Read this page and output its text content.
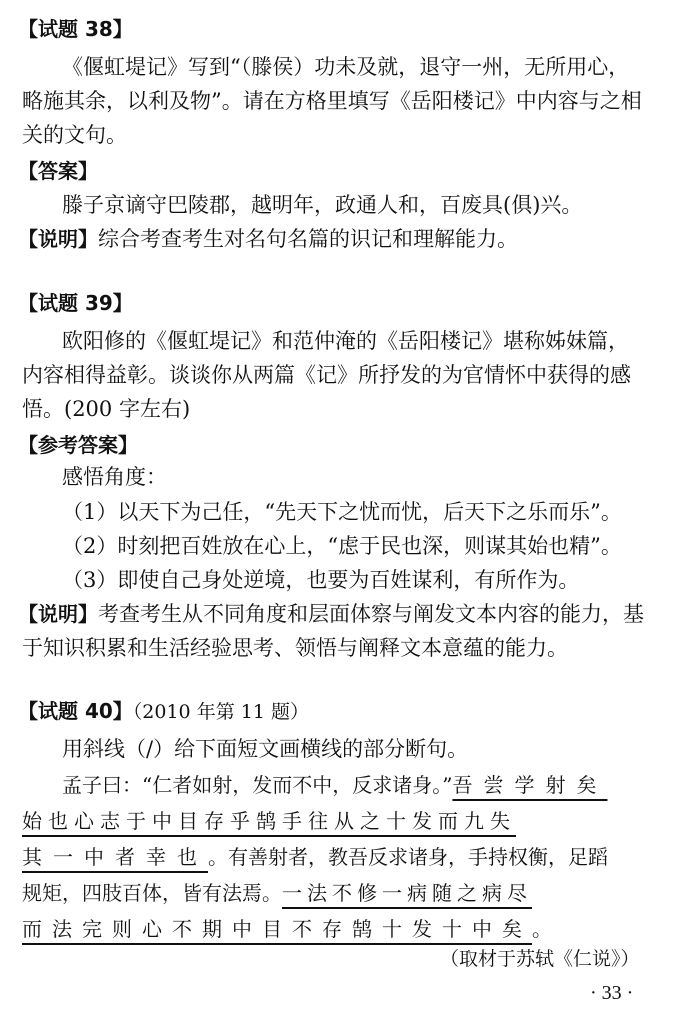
【试题 38】
《偃虹堤记》写到“（滕侯）功未及就，退守一州，无所用心，
略施其余，以利及物”。请在方格里填写《岳阳楼记》中内容与之相
关的文句。
【答案】
滕子京谪守巴陵郡，越明年，政通人和，百废具(俱)兴。
【说明】综合考查考生对名句名篇的识记和理解能力。
【试题 39】
欧阳修的《偃虹堤记》和范仲淹的《岳阳楼记》堪称姊妹篇，
内容相得益彰。谈谈你从两篇《记》所抒发的为官情怀中获得的感
悟。(200 字左右)
【参考答案】
感悟角度：
（1）以天下为己任，“先天下之忧而忧，后天下之乐而乐”。
（2）时刻把百姓放在心上，“虑于民也深，则谋其始也精”。
（3）即使自己身处逆境，也要为百姓谋利，有所作为。
【说明】考查考生从不同角度和层面体察与阐发文本内容的能力，基
于知识积累和生活经验思考、领悟与阐释文本意蕴的能力。
【试题 40】（2010 年第 11 题）
用斜线（/）给下面短文画横线的部分断句。
孟子曰：“仁者如射，发而不中，反求诸身。”吾尝学射矣
始也心志于中目存乎鹄手往从之十发而九失
其一中者幸也。有善射者，教吾反求诸身，手持权衡，足蹈
规矩，四肢百体，皆有法焉。一法不修一病随之病尽
而法完则心不期中目不存鹄十发十中矣。
（取材于苏轼《仁说》）
· 33 ·
